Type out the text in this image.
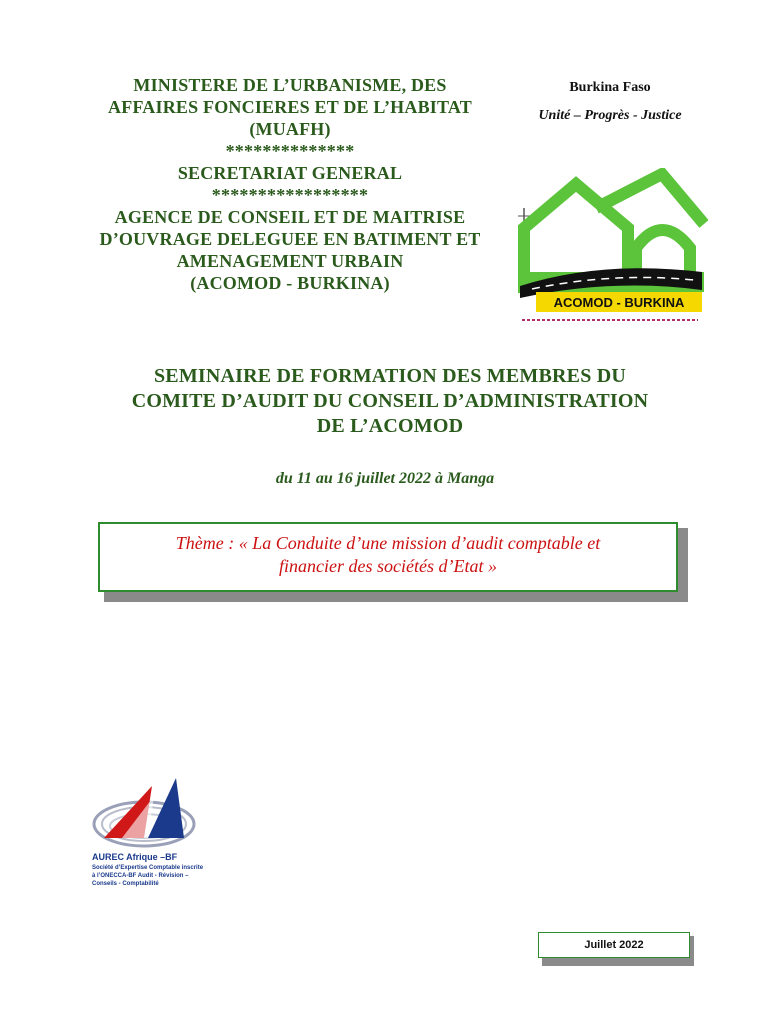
MINISTERE DE L’URBANISME, DES
AFFAIRES FONCIERES ET DE L’HABITAT
(MUAFH)
**************
SECRETARIAT GENERAL
*****************
AGENCE DE CONSEIL ET DE MAITRISE
D’OUVRAGE DELEGUEE EN BATIMENT ET
AMENAGEMENT URBAIN
(ACOMOD - BURKINA)
Burkina Faso
Unité – Progrès - Justice
ACOMOD - BURKINA
SEMINAIRE DE FORMATION DES MEMBRES DU
COMITE D’AUDIT DU CONSEIL D’ADMINISTRATION
DE L’ACOMOD
du 11 au 16 juillet 2022 à Manga
Thème : « La Conduite d’une mission d’audit comptable et
financier des sociétés d’Etat »
AUREC Afrique –BF
Société d’Expertise Comptable inscrite
à l’ONECCA-BF Audit - Révision –
Conseils - Comptabilité
Juillet 2022
